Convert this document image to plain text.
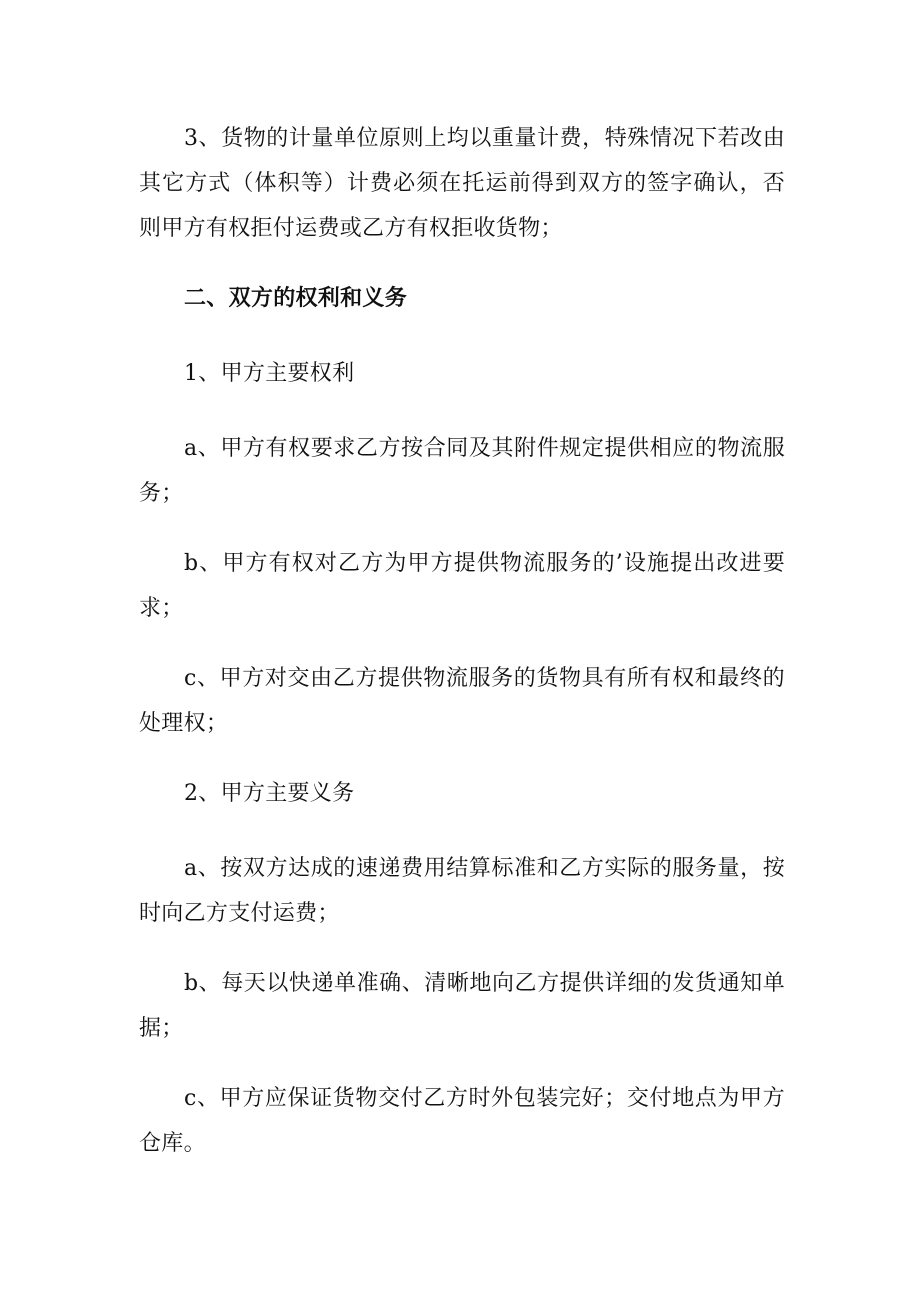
3、货物的计量单位原则上均以重量计费，特殊情况下若改由其它方式（体积等）计费必须在托运前得到双方的签字确认，否则甲方有权拒付运费或乙方有权拒收货物；

二、双方的权利和义务

1、甲方主要权利

a、甲方有权要求乙方按合同及其附件规定提供相应的物流服务；

b、甲方有权对乙方为甲方提供物流服务的’设施提出改进要求；

c、甲方对交由乙方提供物流服务的货物具有所有权和最终的处理权；

2、甲方主要义务

a、按双方达成的速递费用结算标准和乙方实际的服务量，按时向乙方支付运费；

b、每天以快递单准确、清晰地向乙方提供详细的发货通知单据；

c、甲方应保证货物交付乙方时外包装完好；交付地点为甲方仓库。
